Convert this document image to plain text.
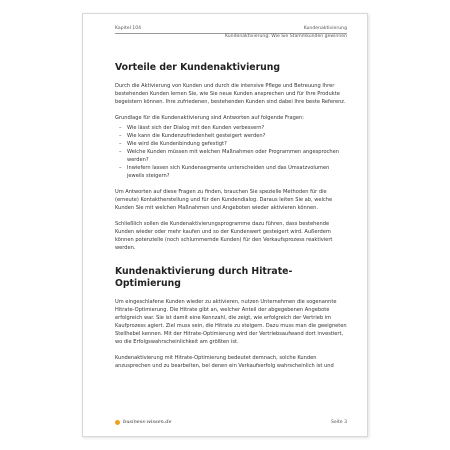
Kapitel 104	Kundenaktivierung
Kundenaktivierung: Wie Sie Stammkunden gewinnen
Vorteile der Kundenaktivierung

Durch die Aktivierung von Kunden und durch die intensive Pflege und Betreuung Ihrer bestehenden Kunden lernen Sie, wie Sie neue Kunden ansprechen und für Ihre Produkte begeistern können. Ihre zufriedenen, bestehenden Kunden sind dabei Ihre beste Referenz.

Grundlage für die Kundenaktivierung sind Antworten auf folgende Fragen:

– Wie lässt sich der Dialog mit den Kunden verbessern?
– Wie kann die Kundenzufriedenheit gesteigert werden?
– Wie wird die Kundenbindung gefestigt?
– Welche Kunden müssen mit welchen Maßnahmen oder Programmen angesprochen werden?
– Inwiefern lassen sich Kundensegmente unterscheiden und das Umsatzvolumen jeweils steigern?

Um Antworten auf diese Fragen zu finden, brauchen Sie spezielle Methoden für die (erneute) Kontaktherstellung und für den Kundendialog. Daraus leiten Sie ab, welche Kunden Sie mit welchen Maßnahmen und Angeboten wieder aktivieren können.

Schließlich sollen die Kundenaktivierungsprogramme dazu führen, dass bestehende Kunden wieder oder mehr kaufen und so der Kundenwert gesteigert wird. Außerdem können potenzielle (noch schlummernde Kunden) für den Verkaufsprozess reaktiviert werden.

Kundenaktivierung durch Hitrate-Optimierung

Um eingeschlafene Kunden wieder zu aktivieren, nutzen Unternehmen die sogenannte Hitrate-Optimierung. Die Hitrate gibt an, welcher Anteil der abgegebenen Angebote erfolgreich war. Sie ist damit eine Kennzahl, die zeigt, wie erfolgreich der Vertrieb im Kaufprozess agiert. Ziel muss sein, die Hitrate zu steigern. Dazu muss man die geeigneten Stellhebel kennen. Mit der Hitrate-Optimierung wird der Vertriebsaufwand dort investiert, wo die Erfolgswahrscheinlichkeit am größten ist.

Kundenaktivierung mit Hitrate-Optimierung bedeutet demnach, solche Kunden anzusprechen und zu bearbeiten, bei denen ein Verkaufserfolg wahrscheinlich ist und

business-wissen.de	Seite 3
